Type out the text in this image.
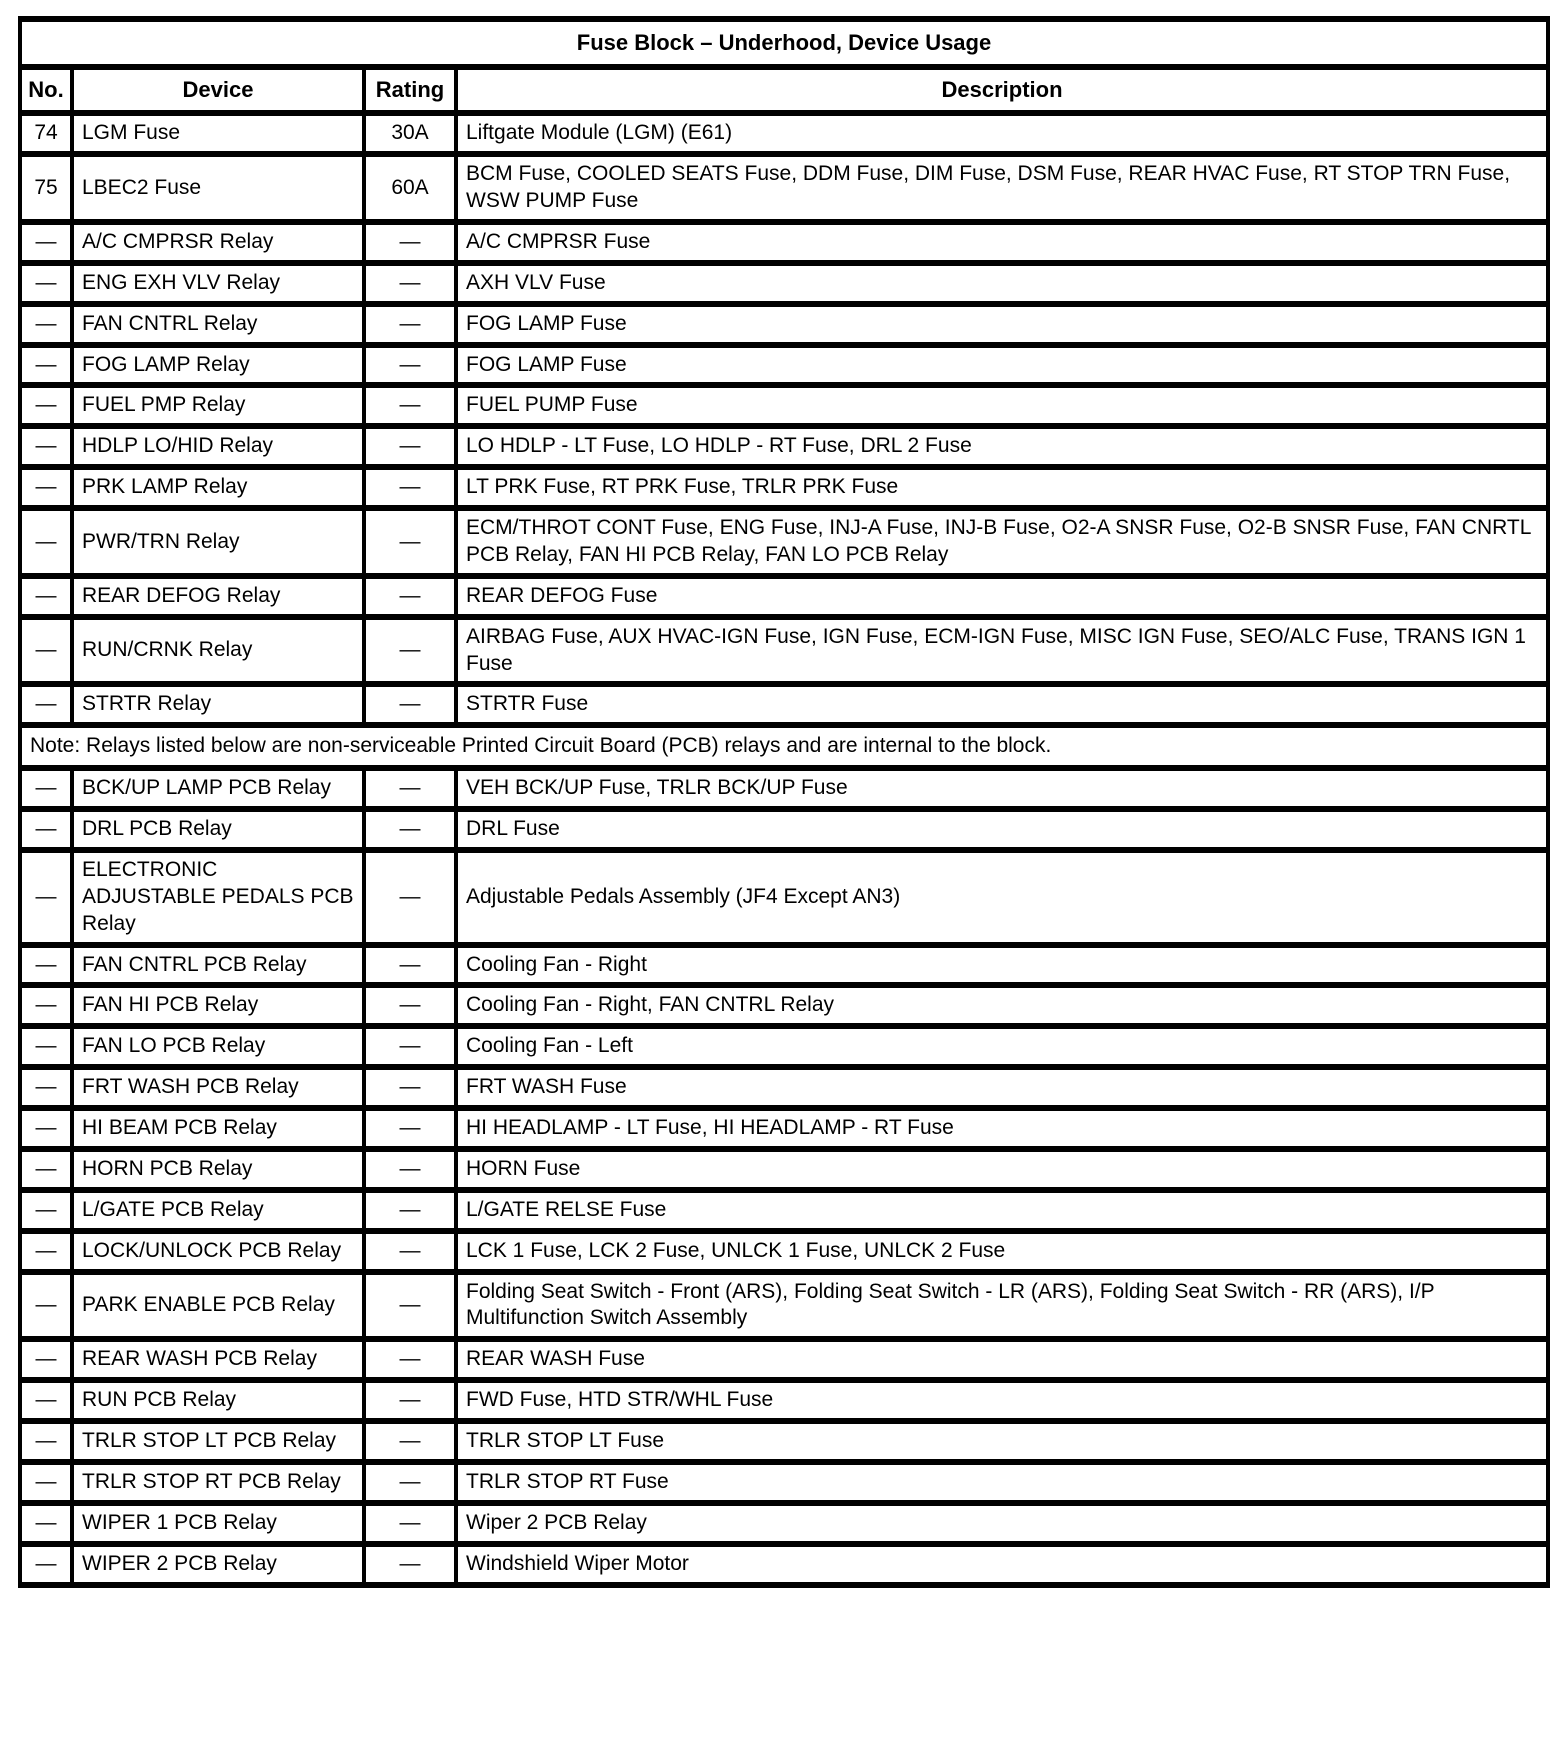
Fuse Block – Underhood, Device Usage			
No.	Device	Rating	Description
74	LGM Fuse	30A	Liftgate Module (LGM) (E61)
75	LBEC2 Fuse	60A	BCM Fuse, COOLED SEATS Fuse, DDM Fuse, DIM Fuse, DSM Fuse, REAR HVAC Fuse, RT STOP TRN Fuse, WSW PUMP Fuse
—	A/C CMPRSR Relay	—	A/C CMPRSR Fuse
—	ENG EXH VLV Relay	—	AXH VLV Fuse
—	FAN CNTRL Relay	—	FOG LAMP Fuse
—	FOG LAMP Relay	—	FOG LAMP Fuse
—	FUEL PMP Relay	—	FUEL PUMP Fuse
—	HDLP LO/HID Relay	—	LO HDLP - LT Fuse, LO HDLP - RT Fuse, DRL 2 Fuse
—	PRK LAMP Relay	—	LT PRK Fuse, RT PRK Fuse, TRLR PRK Fuse
—	PWR/TRN Relay	—	ECM/THROT CONT Fuse, ENG Fuse, INJ-A Fuse, INJ-B Fuse, O2-A SNSR Fuse, O2-B SNSR Fuse, FAN CNRTL PCB Relay, FAN HI PCB Relay, FAN LO PCB Relay
—	REAR DEFOG Relay	—	REAR DEFOG Fuse
—	RUN/CRNK Relay	—	AIRBAG Fuse, AUX HVAC-IGN Fuse, IGN Fuse, ECM-IGN Fuse, MISC IGN Fuse, SEO/ALC Fuse, TRANS IGN 1 Fuse
—	STRTR Relay	—	STRTR Fuse
Note: Relays listed below are non-serviceable Printed Circuit Board (PCB) relays and are internal to the block.			
—	BCK/UP LAMP PCB Relay	—	VEH BCK/UP Fuse, TRLR BCK/UP Fuse
—	DRL PCB Relay	—	DRL Fuse
—	ELECTRONIC ADJUSTABLE PEDALS PCB Relay	—	Adjustable Pedals Assembly (JF4 Except AN3)
—	FAN CNTRL PCB Relay	—	Cooling Fan - Right
—	FAN HI PCB Relay	—	Cooling Fan - Right, FAN CNTRL Relay
—	FAN LO PCB Relay	—	Cooling Fan - Left
—	FRT WASH PCB Relay	—	FRT WASH Fuse
—	HI BEAM PCB Relay	—	HI HEADLAMP - LT Fuse, HI HEADLAMP - RT Fuse
—	HORN PCB Relay	—	HORN Fuse
—	L/GATE PCB Relay	—	L/GATE RELSE Fuse
—	LOCK/UNLOCK PCB Relay	—	LCK 1 Fuse, LCK 2 Fuse, UNLCK 1 Fuse, UNLCK 2 Fuse
—	PARK ENABLE PCB Relay	—	Folding Seat Switch - Front (ARS), Folding Seat Switch - LR (ARS), Folding Seat Switch - RR (ARS), I/P Multifunction Switch Assembly
—	REAR WASH PCB Relay	—	REAR WASH Fuse
—	RUN PCB Relay	—	FWD Fuse, HTD STR/WHL Fuse
—	TRLR STOP LT PCB Relay	—	TRLR STOP LT Fuse
—	TRLR STOP RT PCB Relay	—	TRLR STOP RT Fuse
—	WIPER 1 PCB Relay	—	Wiper 2 PCB Relay
—	WIPER 2 PCB Relay	—	Windshield Wiper Motor
